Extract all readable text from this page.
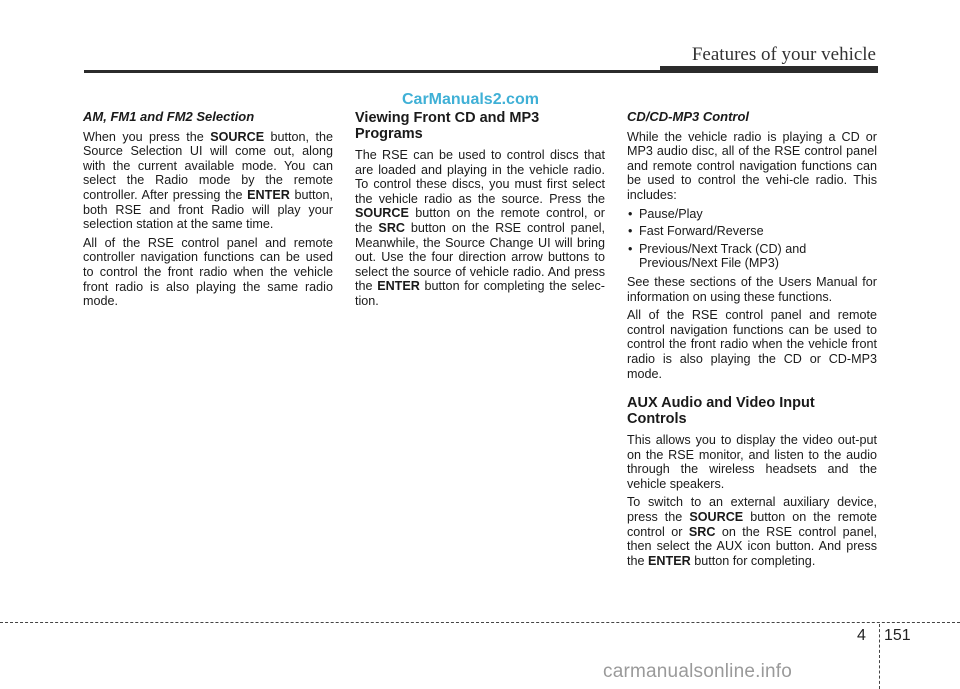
Features of your vehicle
CarManuals2.com
AM, FM1 and FM2 Selection

When you press the SOURCE button, the Source Selection UI will come out, along with the current available mode. You can select the Radio mode by the remote controller. After pressing the ENTER button, both RSE and front Radio will play your selection station at the same time.

All of the RSE control panel and remote controller navigation functions can be used to control the front radio when the vehicle front radio is also playing the same radio mode.

Viewing Front CD and MP3 Programs

The RSE can be used to control discs that are loaded and playing in the vehicle radio. To control these discs, you must first select the vehicle radio as the source. Press the SOURCE button on the remote control, or the SRC button on the RSE control panel, Meanwhile, the Source Change UI will bring out. Use the four direction arrow buttons to select the source of vehicle radio. And press the ENTER button for completing the selec-tion.

CD/CD-MP3 Control

While the vehicle radio is playing a CD or MP3 audio disc, all of the RSE control panel and remote control navigation functions can be used to control the vehi-cle radio. This includes:

• Pause/Play
• Fast Forward/Reverse
• Previous/Next Track (CD) and Previous/Next File (MP3)

See these sections of the Users Manual for information on using these functions.

All of the RSE control panel and remote control navigation functions can be used to control the front radio when the vehicle front radio is also playing the CD or CD-MP3 mode.

AUX Audio and Video Input Controls

This allows you to display the video out-put on the RSE monitor, and listen to the audio through the wireless headsets and the vehicle speakers.

To switch to an external auxiliary device, press the SOURCE button on the remote control or SRC on the RSE control panel, then select the AUX icon button. And press the ENTER button for completing.

4 151
carmanualsonline.info
